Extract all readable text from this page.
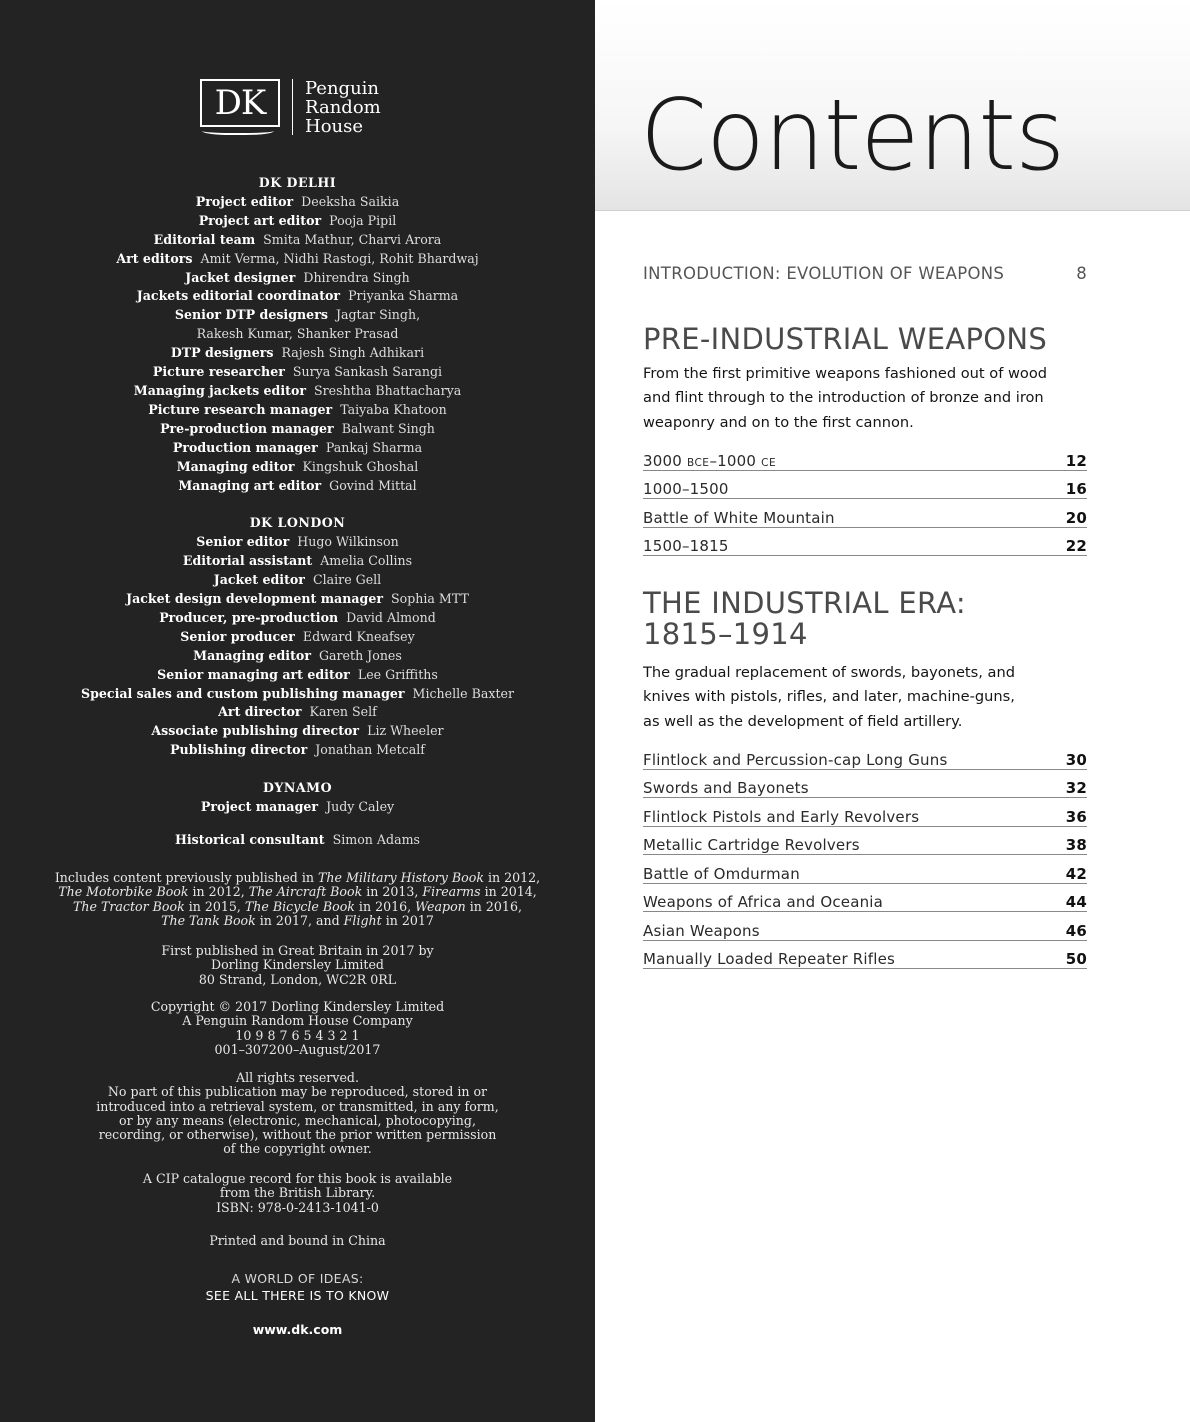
DK	Penguin
Random
House
DK DELHI
Project editor Deeksha Saikia
Project art editor Pooja Pipil
Editorial team Smita Mathur, Charvi Arora
Art editors Amit Verma, Nidhi Rastogi, Rohit Bhardwaj
Jacket designer Dhirendra Singh
Jackets editorial coordinator Priyanka Sharma
Senior DTP designers Jagtar Singh,
Rakesh Kumar, Shanker Prasad
DTP designers Rajesh Singh Adhikari
Picture researcher Surya Sankash Sarangi
Managing jackets editor Sreshtha Bhattacharya
Picture research manager Taiyaba Khatoon
Pre-production manager Balwant Singh
Production manager Pankaj Sharma
Managing editor Kingshuk Ghoshal
Managing art editor Govind Mittal
DK LONDON
Senior editor Hugo Wilkinson
Editorial assistant Amelia Collins
Jacket editor Claire Gell
Jacket design development manager Sophia MTT
Producer, pre-production David Almond
Senior producer Edward Kneafsey
Managing editor Gareth Jones
Senior managing art editor Lee Griffiths
Special sales and custom publishing manager Michelle Baxter
Art director Karen Self
Associate publishing director Liz Wheeler
Publishing director Jonathan Metcalf
DYNAMO
Project manager Judy Caley
Historical consultant Simon Adams
Includes content previously published in The Military History Book in 2012,
The Motorbike Book in 2012, The Aircraft Book in 2013, Firearms in 2014,
The Tractor Book in 2015, The Bicycle Book in 2016, Weapon in 2016,
The Tank Book in 2017, and Flight in 2017
First published in Great Britain in 2017 by
Dorling Kindersley Limited
80 Strand, London, WC2R 0RL
Copyright © 2017 Dorling Kindersley Limited
A Penguin Random House Company
10 9 8 7 6 5 4 3 2 1
001–307200–August/2017
All rights reserved.
No part of this publication may be reproduced, stored in or
introduced into a retrieval system, or transmitted, in any form,
or by any means (electronic, mechanical, photocopying,
recording, or otherwise), without the prior written permission
of the copyright owner.
A CIP catalogue record for this book is available
from the British Library.
ISBN: 978-0-2413-1041-0
Printed and bound in China
A WORLD OF IDEAS:
SEE ALL THERE IS TO KNOW
www.dk.com
Contents
INTRODUCTION: EVOLUTION OF WEAPONS	8
PRE-INDUSTRIAL WEAPONS
From the first primitive weapons fashioned out of wood
and flint through to the introduction of bronze and iron
weaponry and on to the first cannon.
3000 BCE–1000 CE	12
1000–1500	16
Battle of White Mountain	20
1500–1815	22
THE INDUSTRIAL ERA:
1815–1914
The gradual replacement of swords, bayonets, and
knives with pistols, rifles, and later, machine-guns,
as well as the development of field artillery.
Flintlock and Percussion-cap Long Guns	30
Swords and Bayonets	32
Flintlock Pistols and Early Revolvers	36
Metallic Cartridge Revolvers	38
Battle of Omdurman	42
Weapons of Africa and Oceania	44
Asian Weapons	46
Manually Loaded Repeater Rifles	50
